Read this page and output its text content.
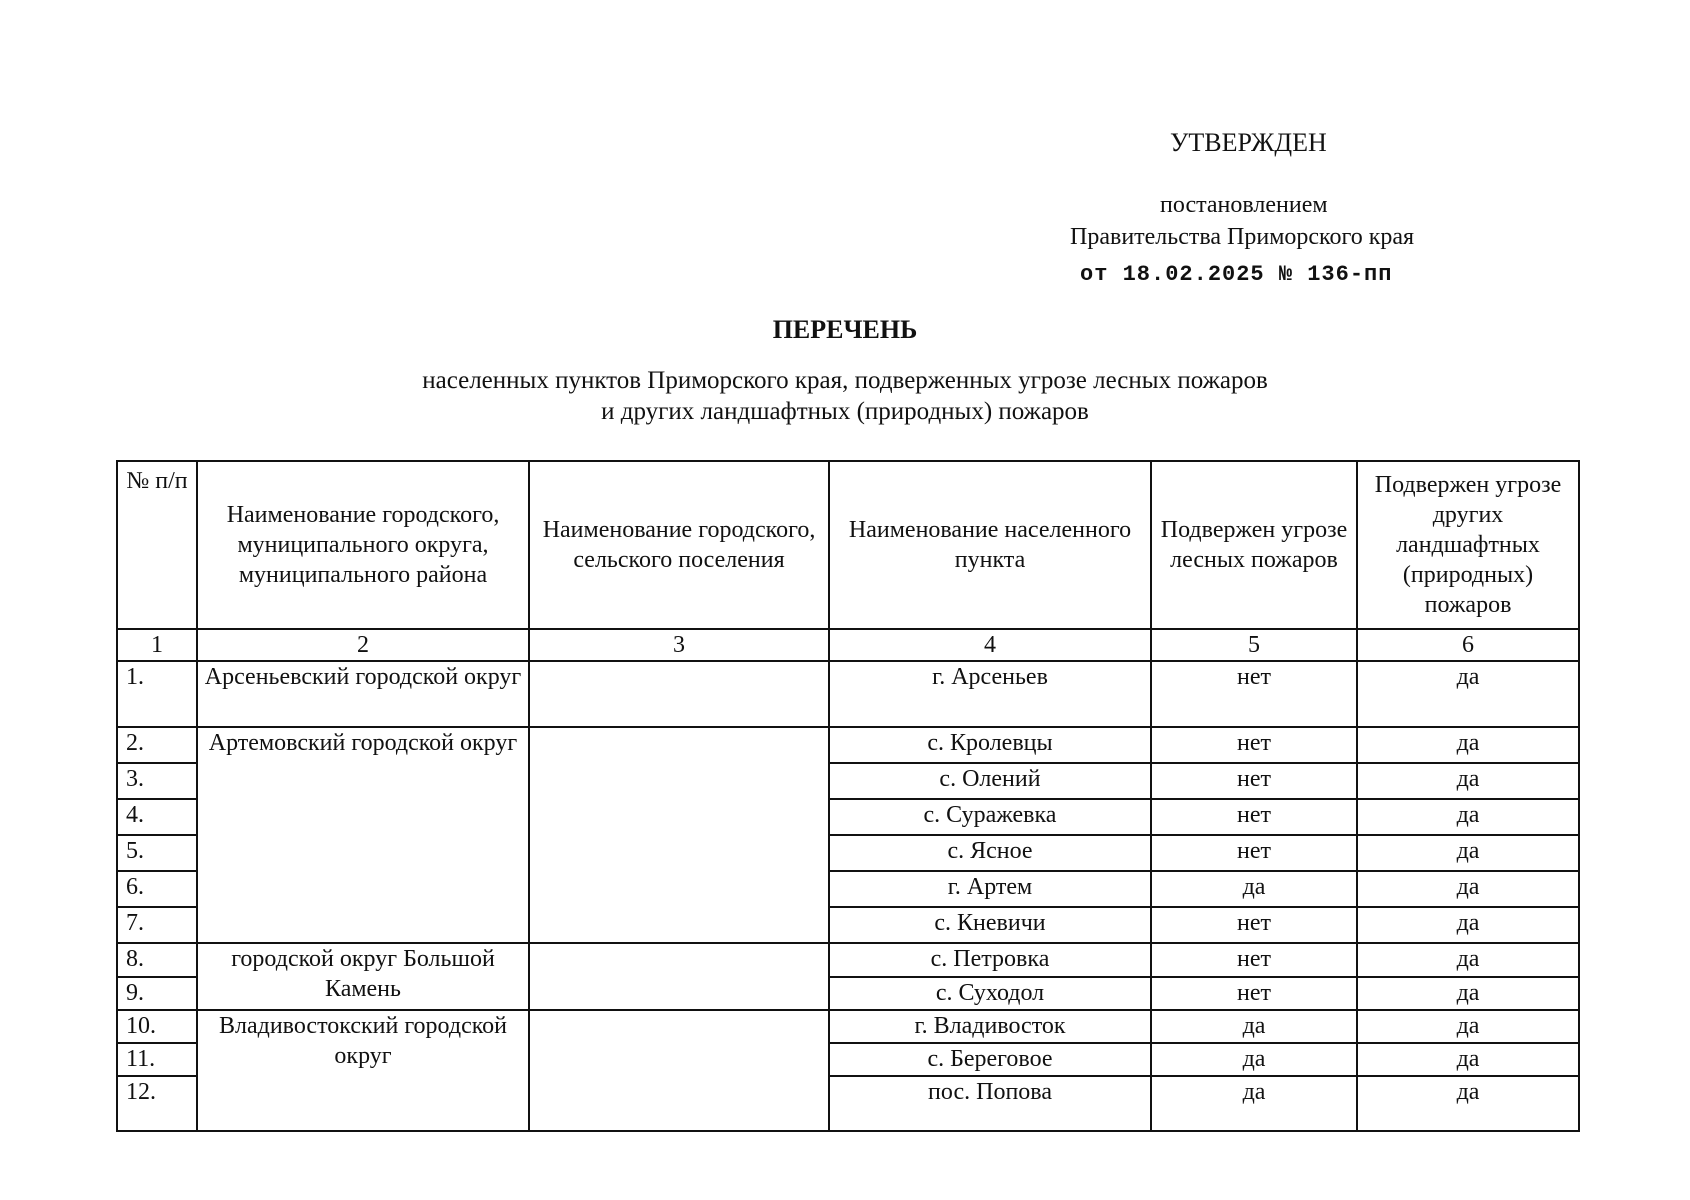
УТВЕРЖДЕН
постановлением
Правительства Приморского края
от 18.02.2025 № 136-пп
ПЕРЕЧЕНЬ
населенных пунктов Приморского края, подверженных угрозе лесных пожаров
и других ландшафтных (природных) пожаров
№ п/п	Наименование городского, муниципального округа, муниципального района	Наименование городского, сельского поселения	Наименование населенного пункта	Подвержен угрозе лесных пожаров	Подвержен угрозе других ландшафтных (природных) пожаров
1	2	3	4	5	6
1.	Арсеньевский городской округ		г. Арсеньев	нет	да
2.	Артемовский городской округ		с. Кролевцы	нет	да
3.			с. Олений	нет	да
4.			с. Суражевка	нет	да
5.			с. Ясное	нет	да
6.			г. Артем	да	да
7.			с. Кневичи	нет	да
8.	городской округ Большой Камень		с. Петровка	нет	да
9.			с. Суходол	нет	да
10.	Владивостокский городской округ		г. Владивосток	да	да
11.			с. Береговое	да	да
12.			пос. Попова	да	да
